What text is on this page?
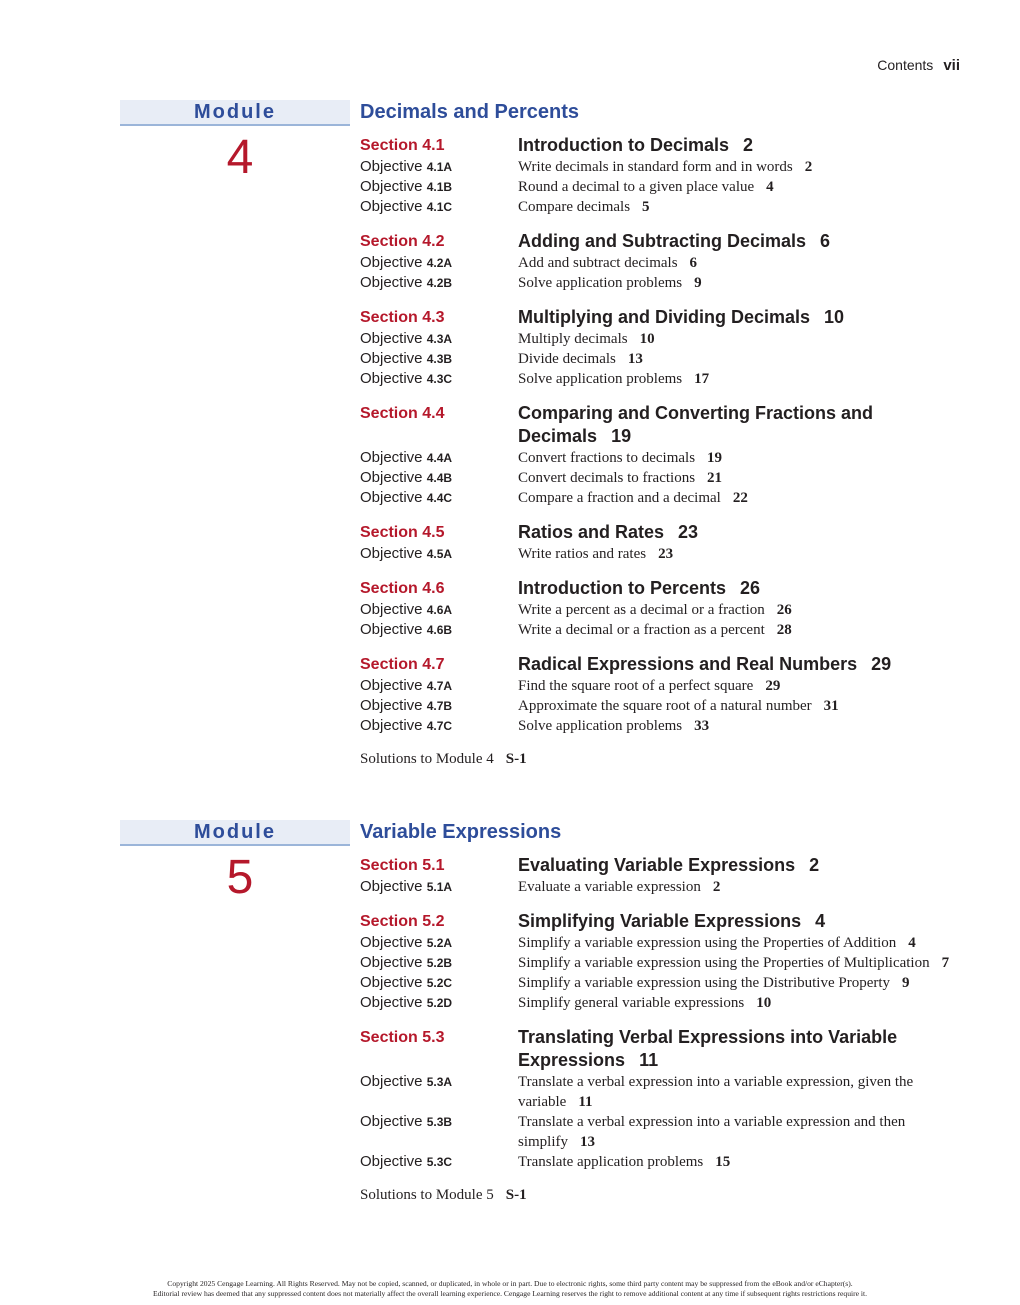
Contents vii
Module
4
Decimals and Percents
Section 4.1	Introduction to Decimals 2
Objective 4.1A	Write decimals in standard form and in words 2
Objective 4.1B	Round a decimal to a given place value 4
Objective 4.1C	Compare decimals 5
Section 4.2	Adding and Subtracting Decimals 6
Objective 4.2A	Add and subtract decimals 6
Objective 4.2B	Solve application problems 9
Section 4.3	Multiplying and Dividing Decimals 10
Objective 4.3A	Multiply decimals 10
Objective 4.3B	Divide decimals 13
Objective 4.3C	Solve application problems 17
Section 4.4	Comparing and Converting Fractions and Decimals 19
Objective 4.4A	Convert fractions to decimals 19
Objective 4.4B	Convert decimals to fractions 21
Objective 4.4C	Compare a fraction and a decimal 22
Section 4.5	Ratios and Rates 23
Objective 4.5A	Write ratios and rates 23
Section 4.6	Introduction to Percents 26
Objective 4.6A	Write a percent as a decimal or a fraction 26
Objective 4.6B	Write a decimal or a fraction as a percent 28
Section 4.7	Radical Expressions and Real Numbers 29
Objective 4.7A	Find the square root of a perfect square 29
Objective 4.7B	Approximate the square root of a natural number 31
Objective 4.7C	Solve application problems 33
Solutions to Module 4 S-1
Module
5
Variable Expressions
Section 5.1	Evaluating Variable Expressions 2
Objective 5.1A	Evaluate a variable expression 2
Section 5.2	Simplifying Variable Expressions 4
Objective 5.2A	Simplify a variable expression using the Properties of Addition 4
Objective 5.2B	Simplify a variable expression using the Properties of Multiplication 7
Objective 5.2C	Simplify a variable expression using the Distributive Property 9
Objective 5.2D	Simplify general variable expressions 10
Section 5.3	Translating Verbal Expressions into Variable Expressions 11
Objective 5.3A	Translate a verbal expression into a variable expression, given the variable 11
Objective 5.3B	Translate a verbal expression into a variable expression and then simplify 13
Objective 5.3C	Translate application problems 15
Solutions to Module 5 S-1
Copyright 2025 Cengage Learning. All Rights Reserved. May not be copied, scanned, or duplicated, in whole or in part. Due to electronic rights, some third party content may be suppressed from the eBook and/or eChapter(s).
Editorial review has deemed that any suppressed content does not materially affect the overall learning experience. Cengage Learning reserves the right to remove additional content at any time if subsequent rights restrictions require it.
